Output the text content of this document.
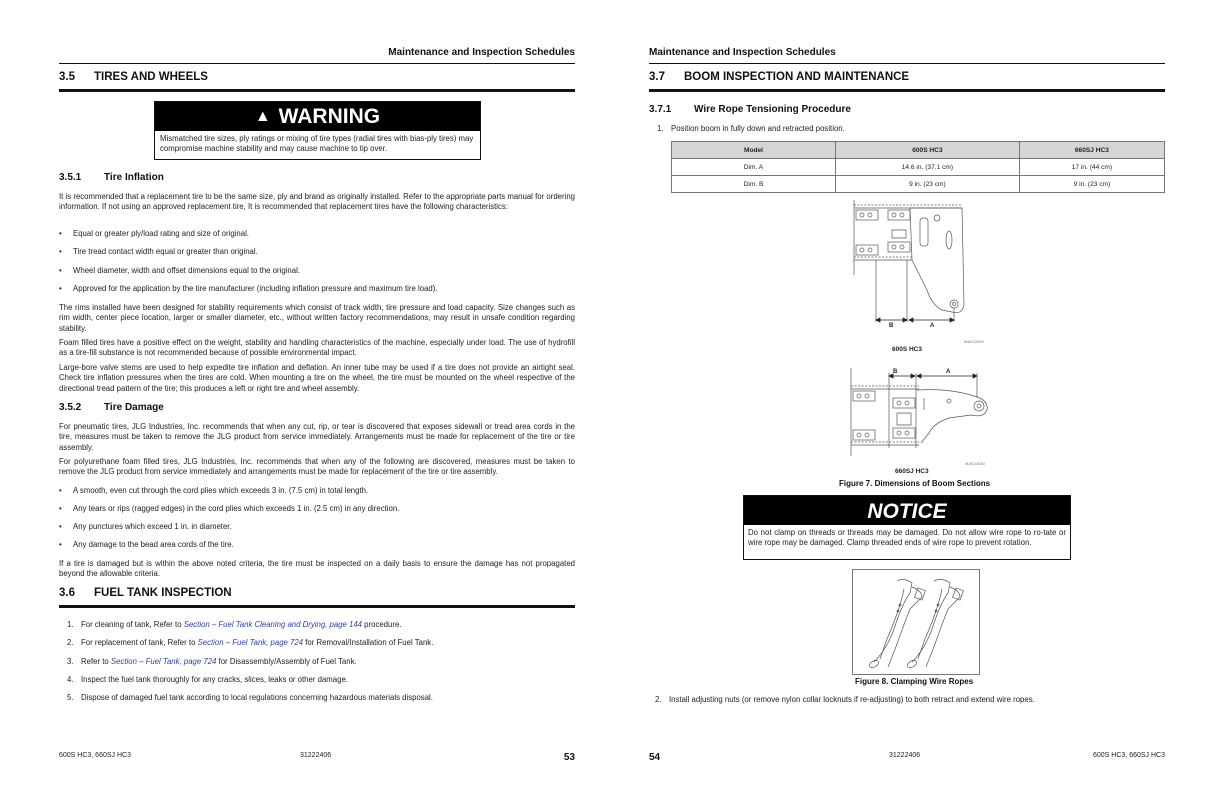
Maintenance and Inspection Schedules
3.5 TIRES AND WHEELS
▲ WARNING
Mismatched tire sizes, ply ratings or mixing of tire types (radial tires with bias-ply tires) may compromise machine stability and may cause machine to tip over.
3.5.1 Tire Inflation
It is recommended that a replacement tire to be the same size, ply and brand as originally installed. Refer to the appropriate parts manual for ordering information. If not using an approved replacement tire, It is recommended that replacement tires have the following characteristics:
• Equal or greater ply/load rating and size of original.
• Tire tread contact width equal or greater than original.
• Wheel diameter, width and offset dimensions equal to the original.
• Approved for the application by the tire manufacturer (including inflation pressure and maximum tire load).
The rims installed have been designed for stability requirements which consist of track width, tire pressure and load capacity. Size changes such as rim width, center piece location, larger or smaller diameter, etc., without written factory recommendations, may result in unsafe condition regarding stability.
Foam filled tires have a positive effect on the weight, stability and handling characteristics of the machine, especially under load. The use of hydrofill as a tire-fill substance is not recommended because of possible environmental impact.
Large-bore valve stems are used to help expedite tire inflation and deflation. An inner tube may be used if a tire does not provide an airtight seal. Check tire inflation pressures when the tires are cold. When mounting a tire on the wheel, the tire must be mounted on the wheel respective of the directional tread pattern of the tire; this produces a left or right tire and wheel assembly.
3.5.2 Tire Damage
For pneumatic tires, JLG Industries, Inc. recommends that when any cut, rip, or tear is discovered that exposes sidewall or tread area cords in the tire, measures must be taken to remove the JLG product from service immediately. Arrangements must be made for replacement of the tire or tire assembly.
For polyurethane foam filled tires, JLG Industries, Inc. recommends that when any of the following are discovered, measures must be taken to remove the JLG product from service immediately and arrangements must be made for replacement of the tire or tire assembly.
• A smooth, even cut through the cord plies which exceeds 3 in. (7.5 cm) in total length.
• Any tears or rips (ragged edges) in the cord plies which exceeds 1 in. (2.5 cm) in any direction.
• Any punctures which exceed 1 in. in diameter.
• Any damage to the bead area cords of the tire.
If a tire is damaged but is within the above noted criteria, the tire must be inspected on a daily basis to ensure the damage has not propagated beyond the allowable criteria.
3.6 FUEL TANK INSPECTION
1. For cleaning of tank, Refer to Section – Fuel Tank Cleaning and Drying, page 144 procedure.
2. For replacement of tank, Refer to Section – Fuel Tank, page 724 for Removal/Installation of Fuel Tank.
3. Refer to Section – Fuel Tank, page 724 for Disassembly/Assembly of Fuel Tank.
4. Inspect the fuel tank thoroughly for any cracks, slices, leaks or other damage.
5. Dispose of damaged fuel tank according to local regulations concerning hazardous materials disposal.
600S HC3, 660SJ HC3	31222406	53
Maintenance and Inspection Schedules
3.7 BOOM INSPECTION AND MAINTENANCE
3.7.1 Wire Rope Tensioning Procedure
1. Position boom in fully down and retracted position.
Model	600S HC3	660SJ HC3
Dim. A	14.6 in. (37.1 cm)	17 in. (44 cm)
Dim. B	9 in. (23 cm)	9 in. (23 cm)
B	A
MAE22850
600S HC3
B	A
MAE22840
660SJ HC3
Figure 7. Dimensions of Boom Sections
NOTICE
Do not clamp on threads or threads may be damaged. Do not allow wire rope to ro-tate or wire rope may be damaged. Clamp threaded ends of wire rope to prevent rotation.
Figure 8. Clamping Wire Ropes
2. Install adjusting nuts (or remove nylon collar locknuts if re-adjusting) to both retract and extend wire ropes.
54	31222406	600S HC3, 660SJ HC3
